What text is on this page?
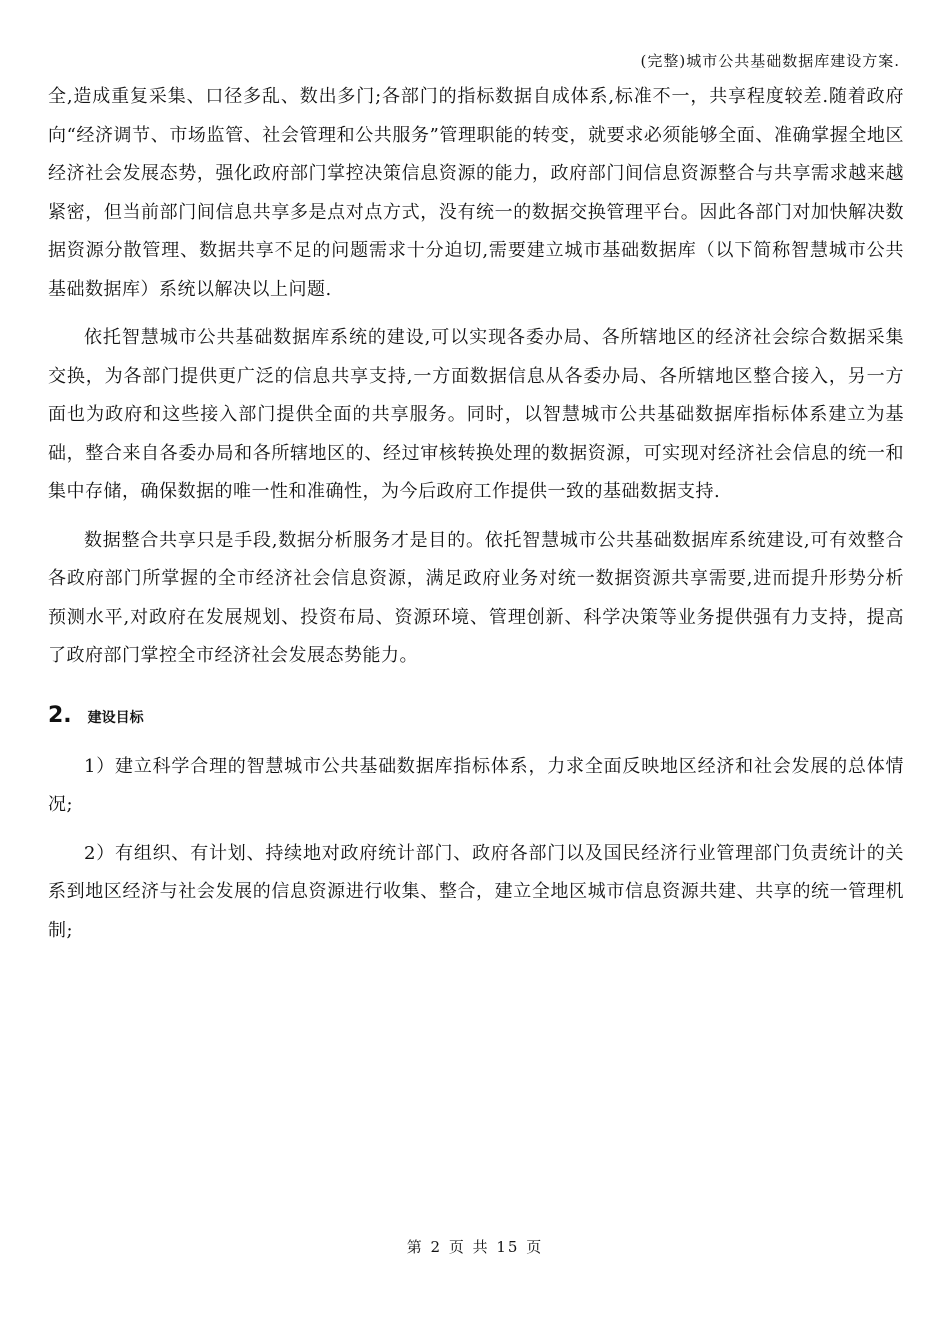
(完整)城市公共基础数据库建设方案.

全,造成重复采集、口径多乱、数出多门;各部门的指标数据自成体系,标准不一，共享程度较差.随着政府向“经济调节、市场监管、社会管理和公共服务”管理职能的转变，就要求必须能够全面、准确掌握全地区经济社会发展态势，强化政府部门掌控决策信息资源的能力，政府部门间信息资源整合与共享需求越来越紧密，但当前部门间信息共享多是点对点方式，没有统一的数据交换管理平台。因此各部门对加快解决数据资源分散管理、数据共享不足的问题需求十分迫切,需要建立城市基础数据库（以下简称智慧城市公共基础数据库）系统以解决以上问题.

依托智慧城市公共基础数据库系统的建设,可以实现各委办局、各所辖地区的经济社会综合数据采集交换，为各部门提供更广泛的信息共享支持,一方面数据信息从各委办局、各所辖地区整合接入，另一方面也为政府和这些接入部门提供全面的共享服务。同时，以智慧城市公共基础数据库指标体系建立为基础，整合来自各委办局和各所辖地区的、经过审核转换处理的数据资源，可实现对经济社会信息的统一和集中存储，确保数据的唯一性和准确性，为今后政府工作提供一致的基础数据支持.

数据整合共享只是手段,数据分析服务才是目的。依托智慧城市公共基础数据库系统建设,可有效整合各政府部门所掌握的全市经济社会信息资源，满足政府业务对统一数据资源共享需要,进而提升形势分析预测水平,对政府在发展规划、投资布局、资源环境、管理创新、科学决策等业务提供强有力支持，提高了政府部门掌控全市经济社会发展态势能力。

2. 建设目标

1）建立科学合理的智慧城市公共基础数据库指标体系，力求全面反映地区经济和社会发展的总体情况;

2）有组织、有计划、持续地对政府统计部门、政府各部门以及国民经济行业管理部门负责统计的关系到地区经济与社会发展的信息资源进行收集、整合，建立全地区城市信息资源共建、共享的统一管理机制;

第 2 页 共 15 页
